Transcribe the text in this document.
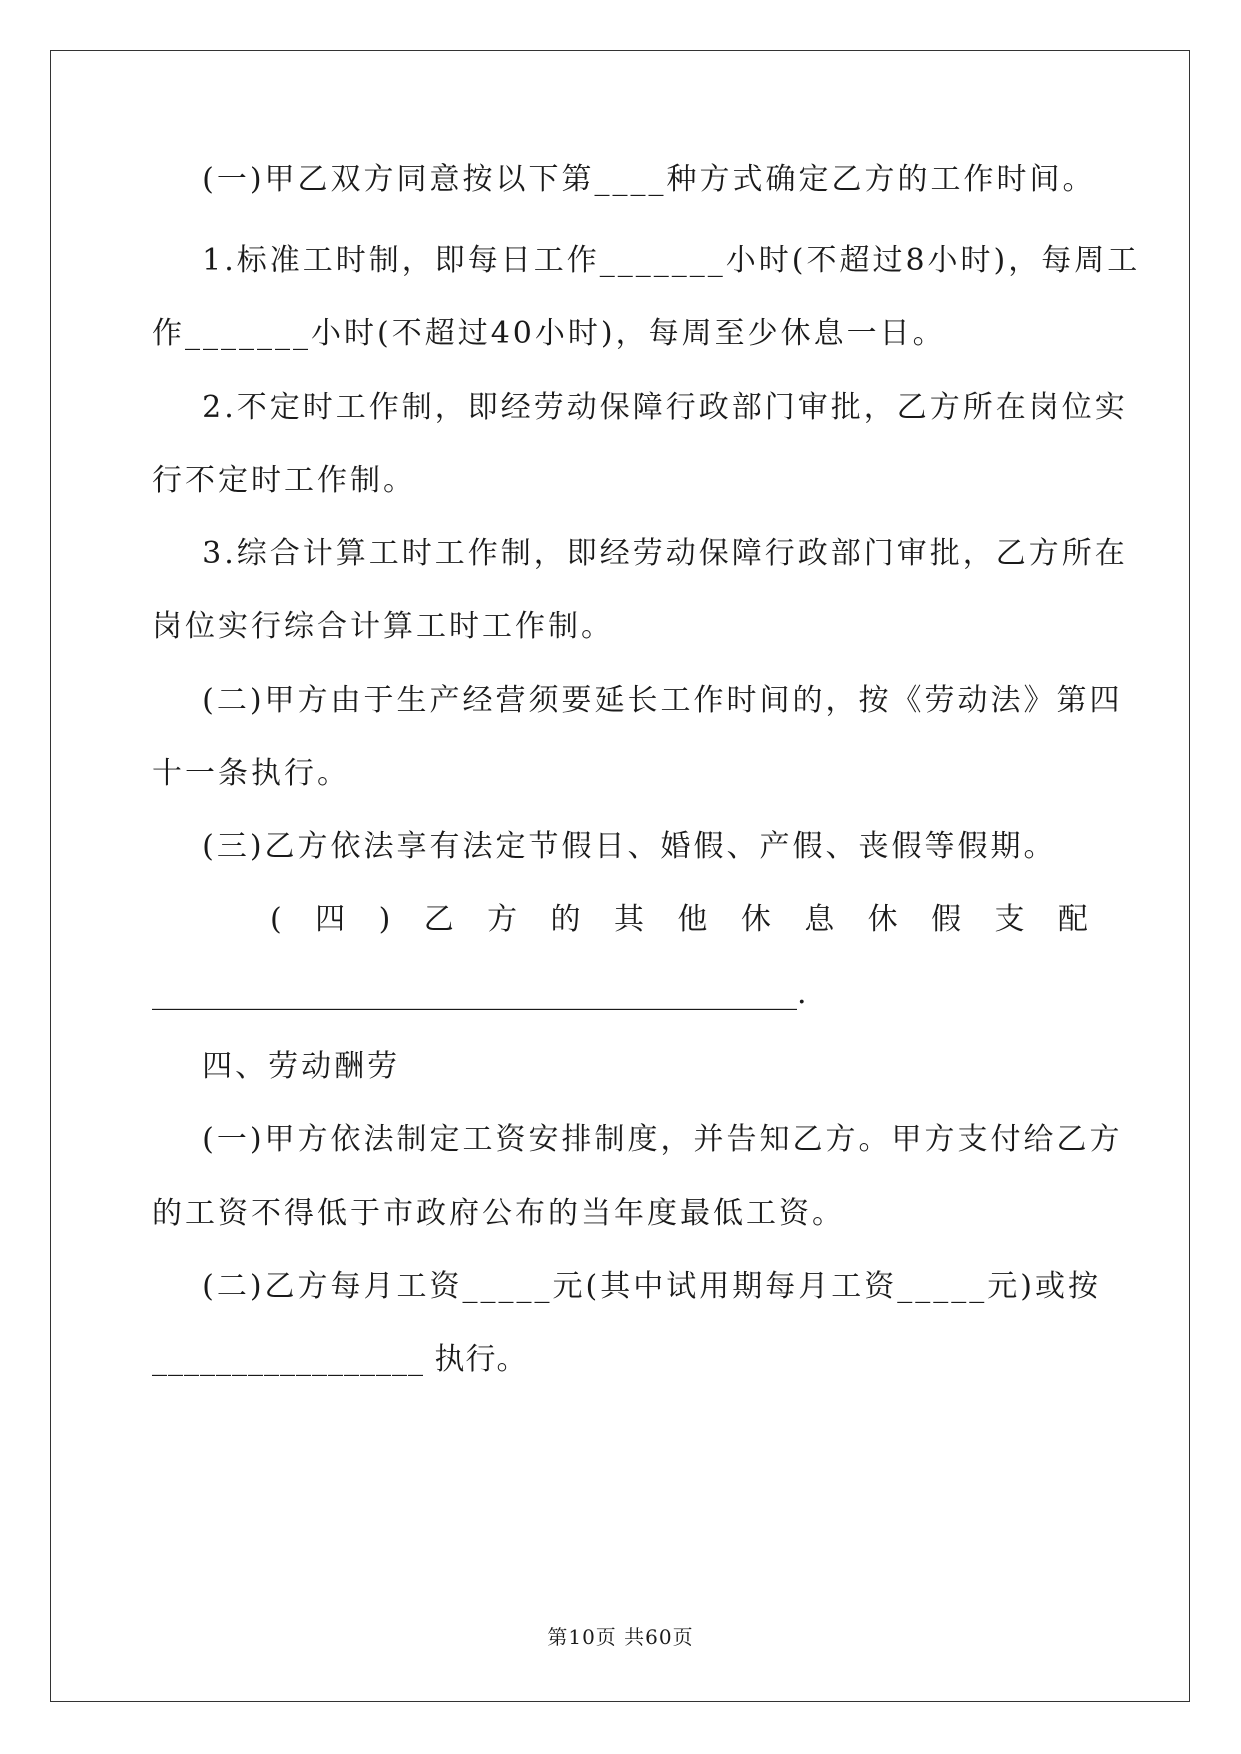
(一)甲乙双方同意按以下第____种方式确定乙方的工作时间。
1.标准工时制，即每日工作_______小时(不超过8小时)，每周工
作_______小时(不超过40小时)，每周至少休息一日。
2.不定时工作制，即经劳动保障行政部门审批，乙方所在岗位实
行不定时工作制。
3.综合计算工时工作制，即经劳动保障行政部门审批，乙方所在
岗位实行综合计算工时工作制。
(二)甲方由于生产经营须要延长工作时间的，按《劳动法》第四
十一条执行。
(三)乙方依法享有法定节假日、婚假、产假、丧假等假期。
( 四 ) 乙 方 的 其 他 休 息 休 假 支 配
___________________________________________.
四、劳动酬劳
(一)甲方依法制定工资安排制度，并告知乙方。甲方支付给乙方
的工资不得低于市政府公布的当年度最低工资。
(二)乙方每月工资_____元(其中试用期每月工资_____元)或按
_________________ 执行。
第10页 共60页
